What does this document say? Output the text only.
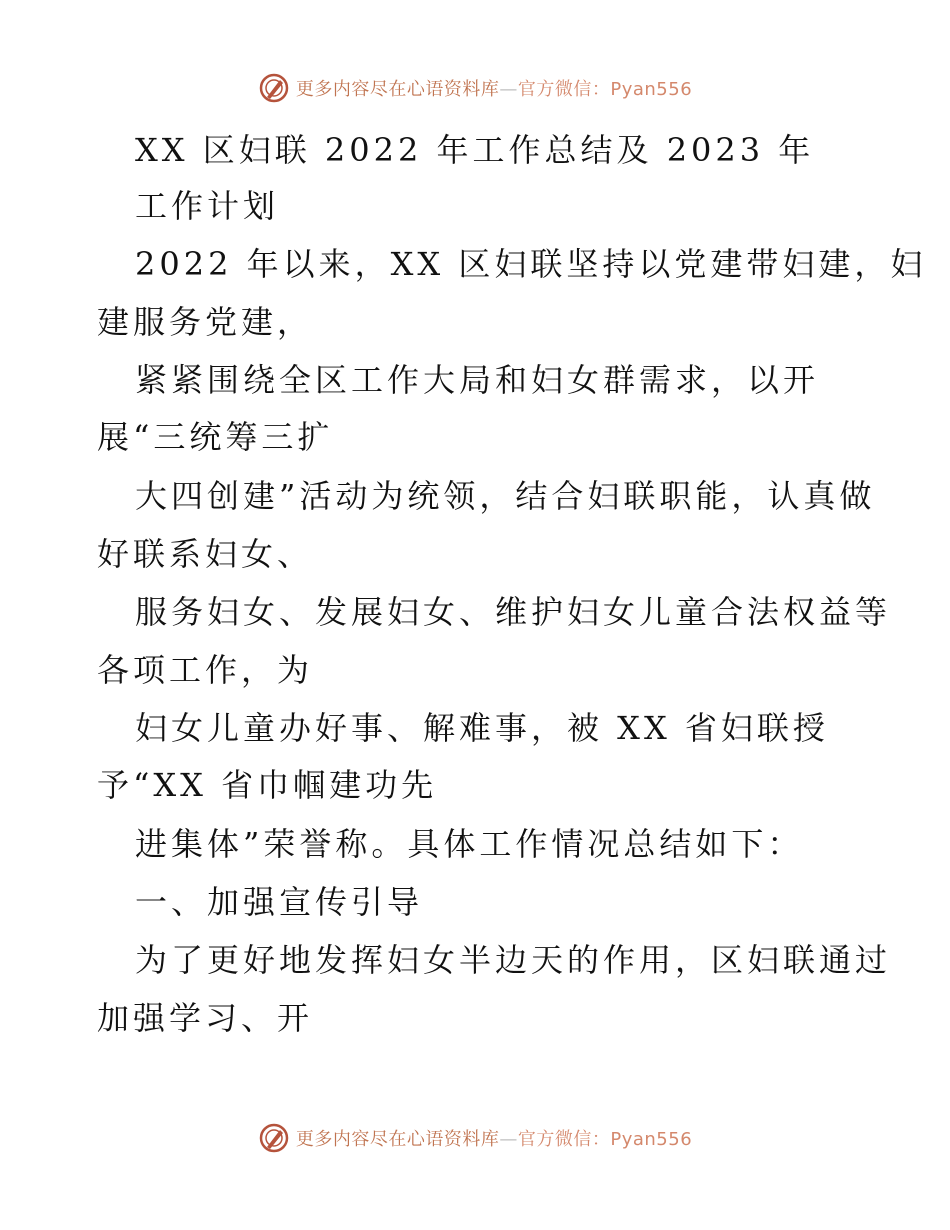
更多内容尽在心语资料库—官方微信：Pyan556
XX 区妇联 2022 年工作总结及 2023 年
工作计划
2022 年以来，XX 区妇联坚持以党建带妇建，妇
建服务党建，
紧紧围绕全区工作大局和妇女群需求，以开
展“三统筹三扩
大四创建”活动为统领，结合妇联职能，认真做
好联系妇女、
服务妇女、发展妇女、维护妇女儿童合法权益等
各项工作，为
妇女儿童办好事、解难事，被 XX 省妇联授
予“XX 省巾帼建功先
进集体”荣誉称。具体工作情况总结如下：
一、加强宣传引导
为了更好地发挥妇女半边天的作用，区妇联通过
加强学习、开
更多内容尽在心语资料库—官方微信：Pyan556
